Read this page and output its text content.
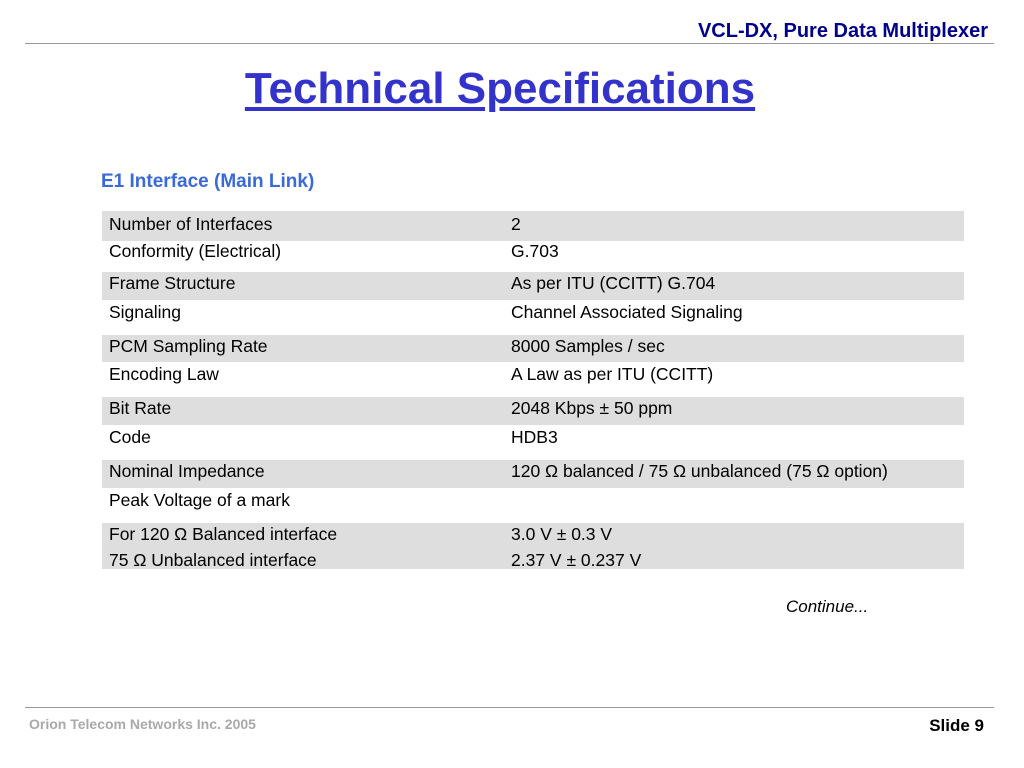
VCL-DX, Pure Data Multiplexer
Technical Specifications
E1 Interface (Main Link)
Number of Interfaces	2
Conformity (Electrical)	G.703
Frame Structure	As per ITU (CCITT) G.704
Signaling	Channel Associated Signaling
PCM Sampling Rate	8000 Samples / sec
Encoding Law	A Law as per ITU (CCITT)
Bit Rate	2048 Kbps ± 50 ppm
Code	HDB3
Nominal Impedance	120 Ω balanced / 75 Ω unbalanced (75 Ω option)
Peak Voltage of a mark
For 120 Ω Balanced interface	3.0 V ± 0.3 V
75 Ω Unbalanced interface	2.37 V ± 0.237 V
Continue...
Orion Telecom Networks Inc. 2005	Slide 9
